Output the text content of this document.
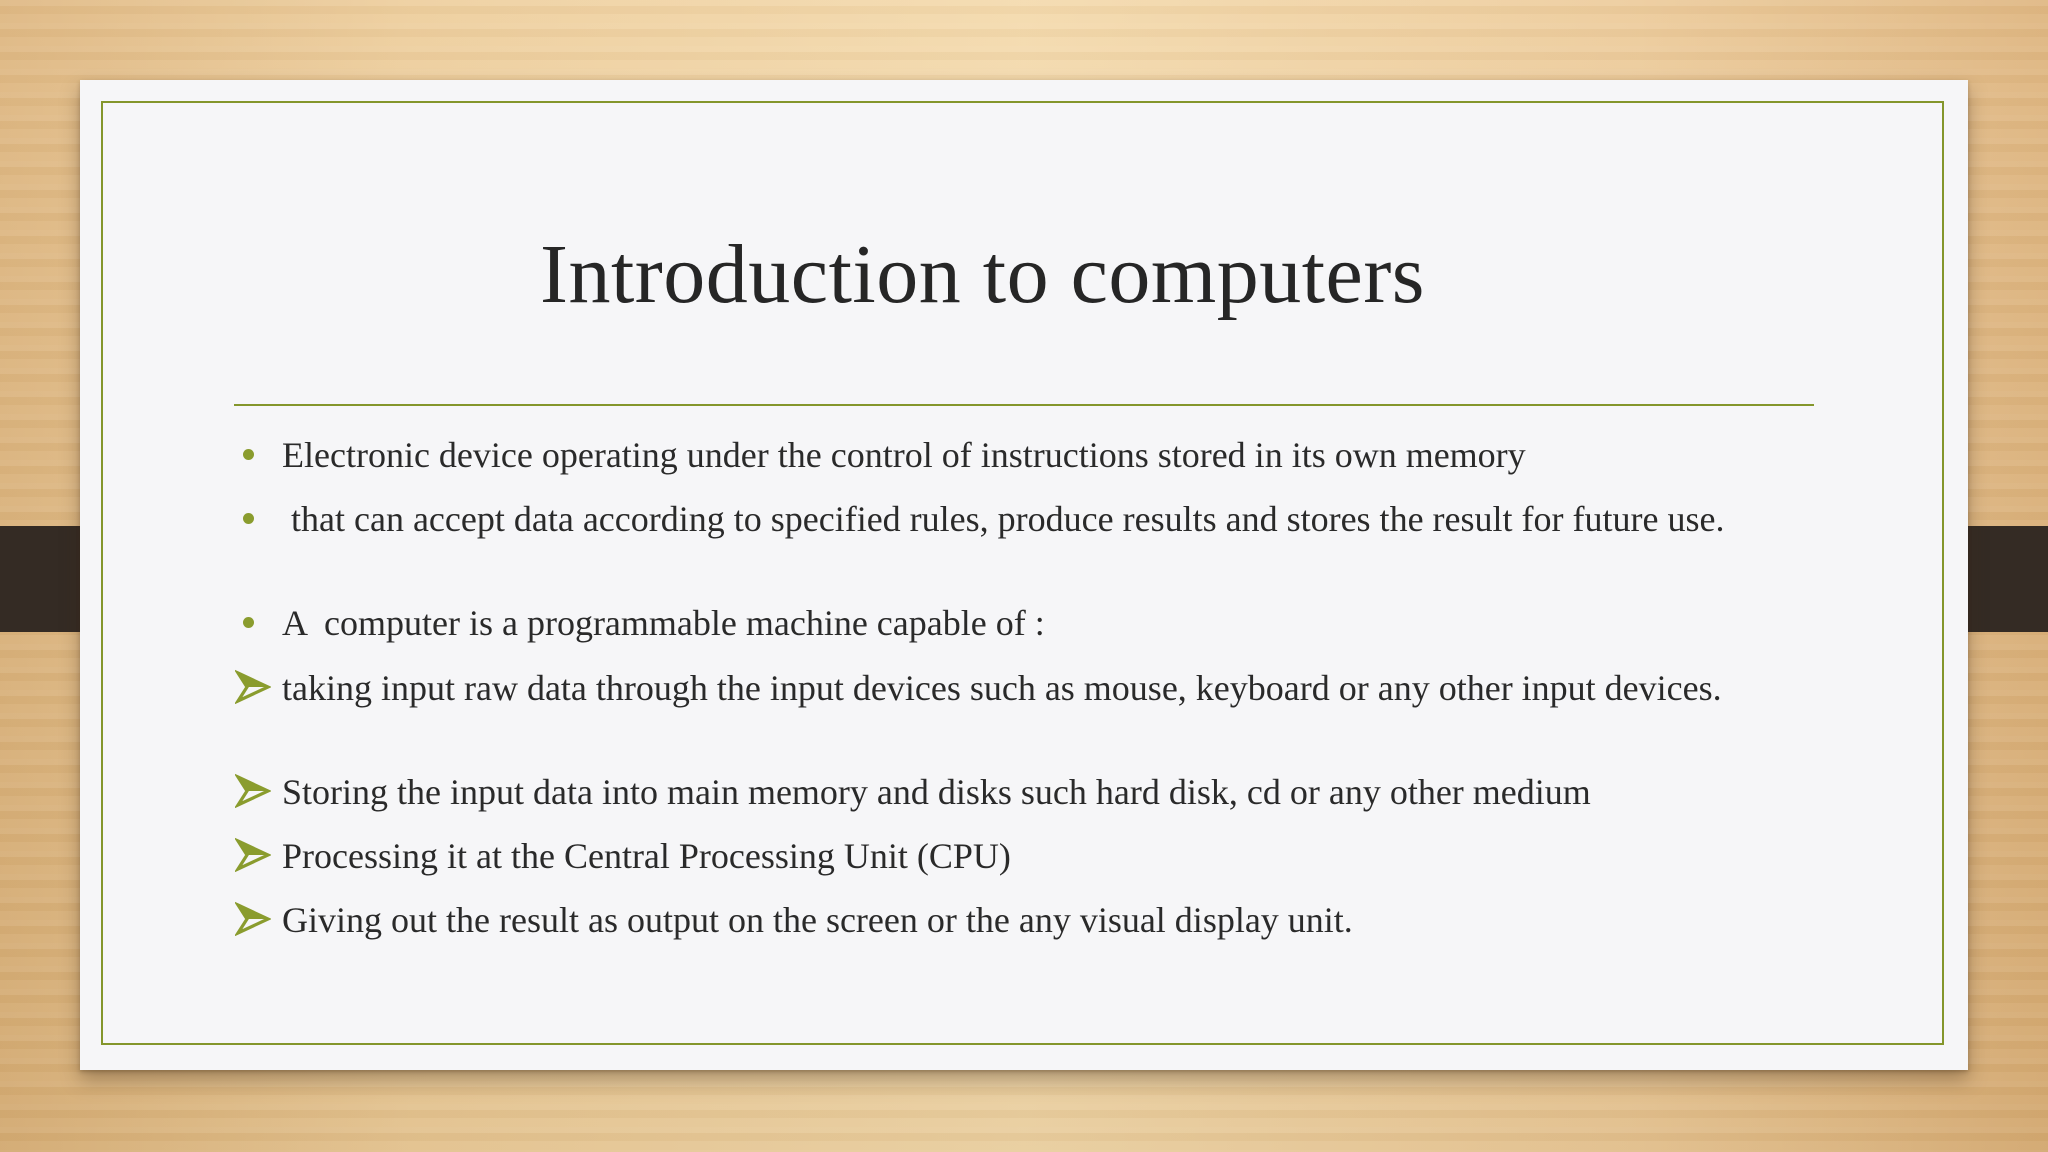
Introduction to computers
Electronic device operating under the control of instructions stored in its own memory
that can accept data according to specified rules, produce results and stores the result for future use.
A  computer is a programmable machine capable of :
taking input raw data through the input devices such as mouse, keyboard or any other input devices.
Storing the input data into main memory and disks such hard disk, cd or any other medium
Processing it at the Central Processing Unit (CPU)
Giving out the result as output on the screen or the any visual display unit.
